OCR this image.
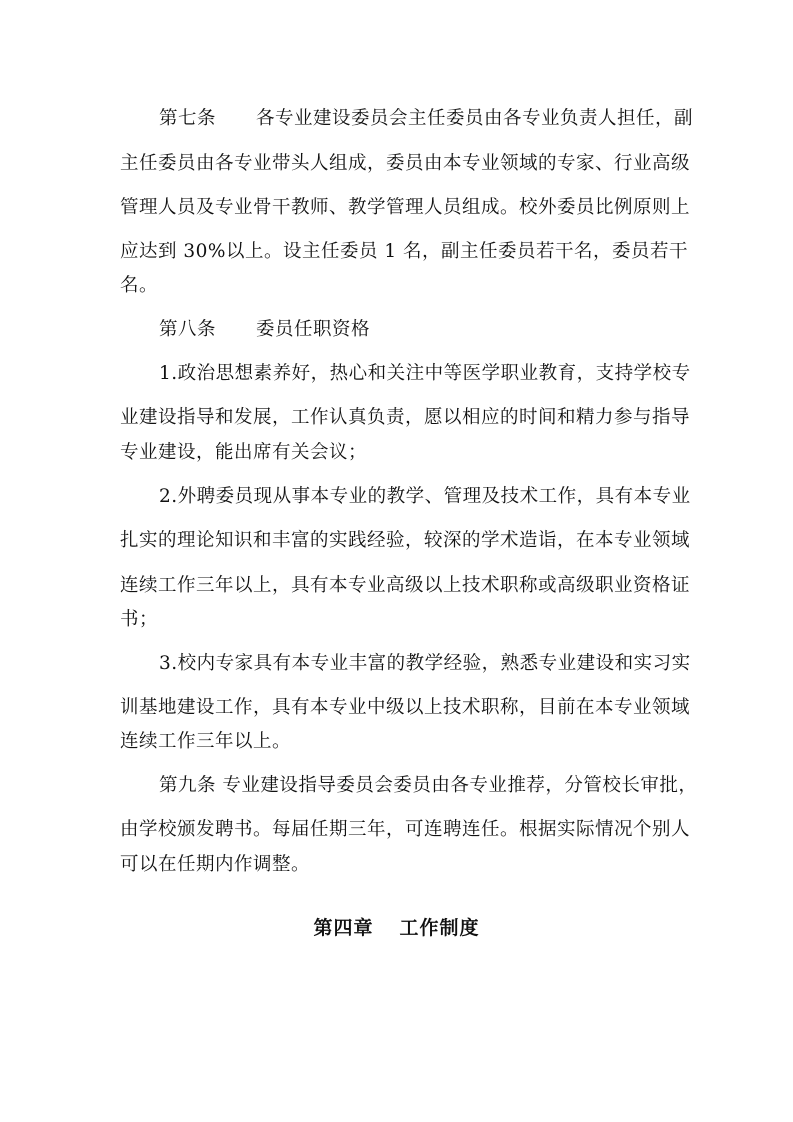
第七条 各专业建设委员会主任委员由各专业负责人担任，副
主任委员由各专业带头人组成，委员由本专业领域的专家、行业高级
管理人员及专业骨干教师、教学管理人员组成。校外委员比例原则上
应达到 30%以上。设主任委员 1 名，副主任委员若干名，委员若干
名。
第八条 委员任职资格
1.政治思想素养好，热心和关注中等医学职业教育，支持学校专
业建设指导和发展，工作认真负责，愿以相应的时间和精力参与指导
专业建设，能出席有关会议；
2.外聘委员现从事本专业的教学、管理及技术工作，具有本专业
扎实的理论知识和丰富的实践经验，较深的学术造诣，在本专业领域
连续工作三年以上，具有本专业高级以上技术职称或高级职业资格证
书；
3.校内专家具有本专业丰富的教学经验，熟悉专业建设和实习实
训基地建设工作，具有本专业中级以上技术职称，目前在本专业领域
连续工作三年以上。
第九条 专业建设指导委员会委员由各专业推荐，分管校长审批，
由学校颁发聘书。每届任期三年，可连聘连任。根据实际情况个别人
可以在任期内作调整。
第四章 工作制度
